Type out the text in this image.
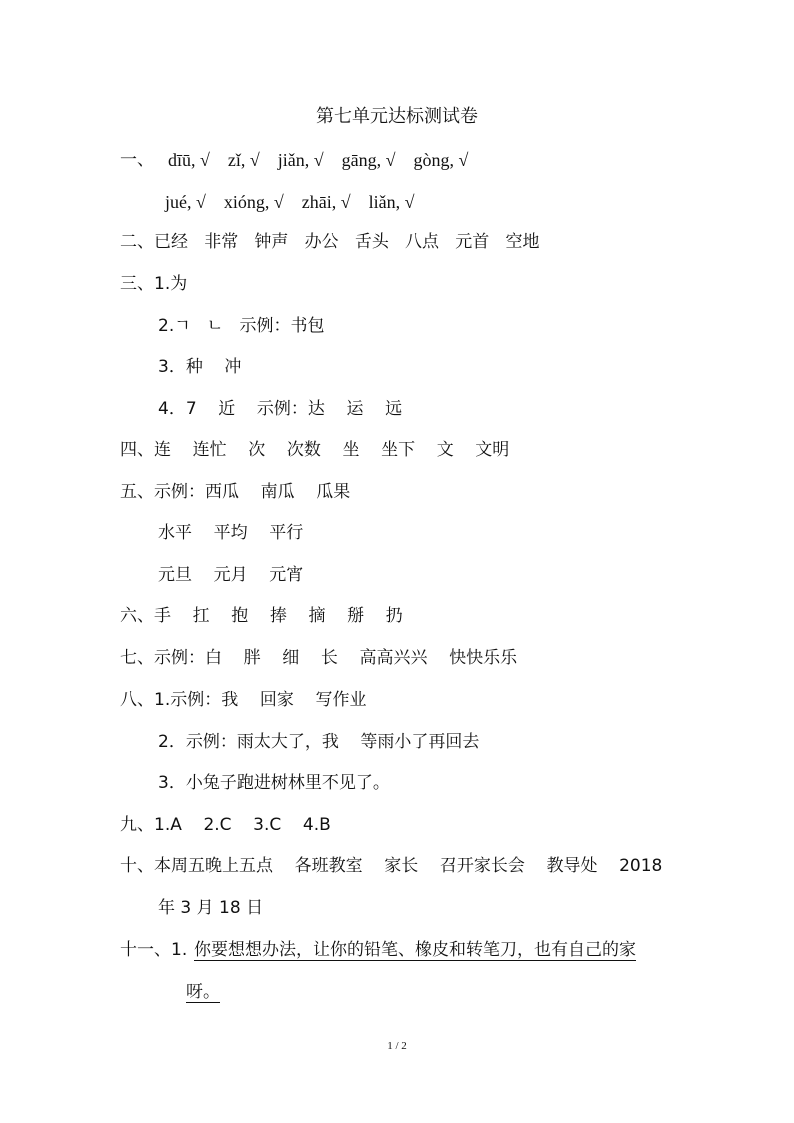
第七单元达标测试卷
一、 dīū, √    zǐ, √    jiǎn, √    gāng, √    gòng, √
jué, √    xióng, √    zhāi, √    liǎn, √
二、已经   非常   钟声   办公   舌头   八点   元首   空地
三、1.为
2.ㄱ   ㄴ   示例：书包
3．种    冲
4．7    近    示例：达    运    远
四、连    连忙    次    次数    坐    坐下    文    文明
五、示例：西瓜    南瓜    瓜果
水平    平均    平行
元旦    元月    元宵
六、手    扛    抱    捧    摘    掰    扔
七、示例：白    胖    细    长    高高兴兴    快快乐乐
八、1.示例：我    回家    写作业
2．示例：雨太大了，我    等雨小了再回去
3．小兔子跑进树林里不见了。
九、1.A    2.C    3.C    4.B
十、本周五晚上五点    各班教室    家长    召开家长会    教导处    2018
年 3 月 18 日
十一、1. 你要想想办法，让你的铅笔、橡皮和转笔刀，也有自己的家
呀。
1 / 2
